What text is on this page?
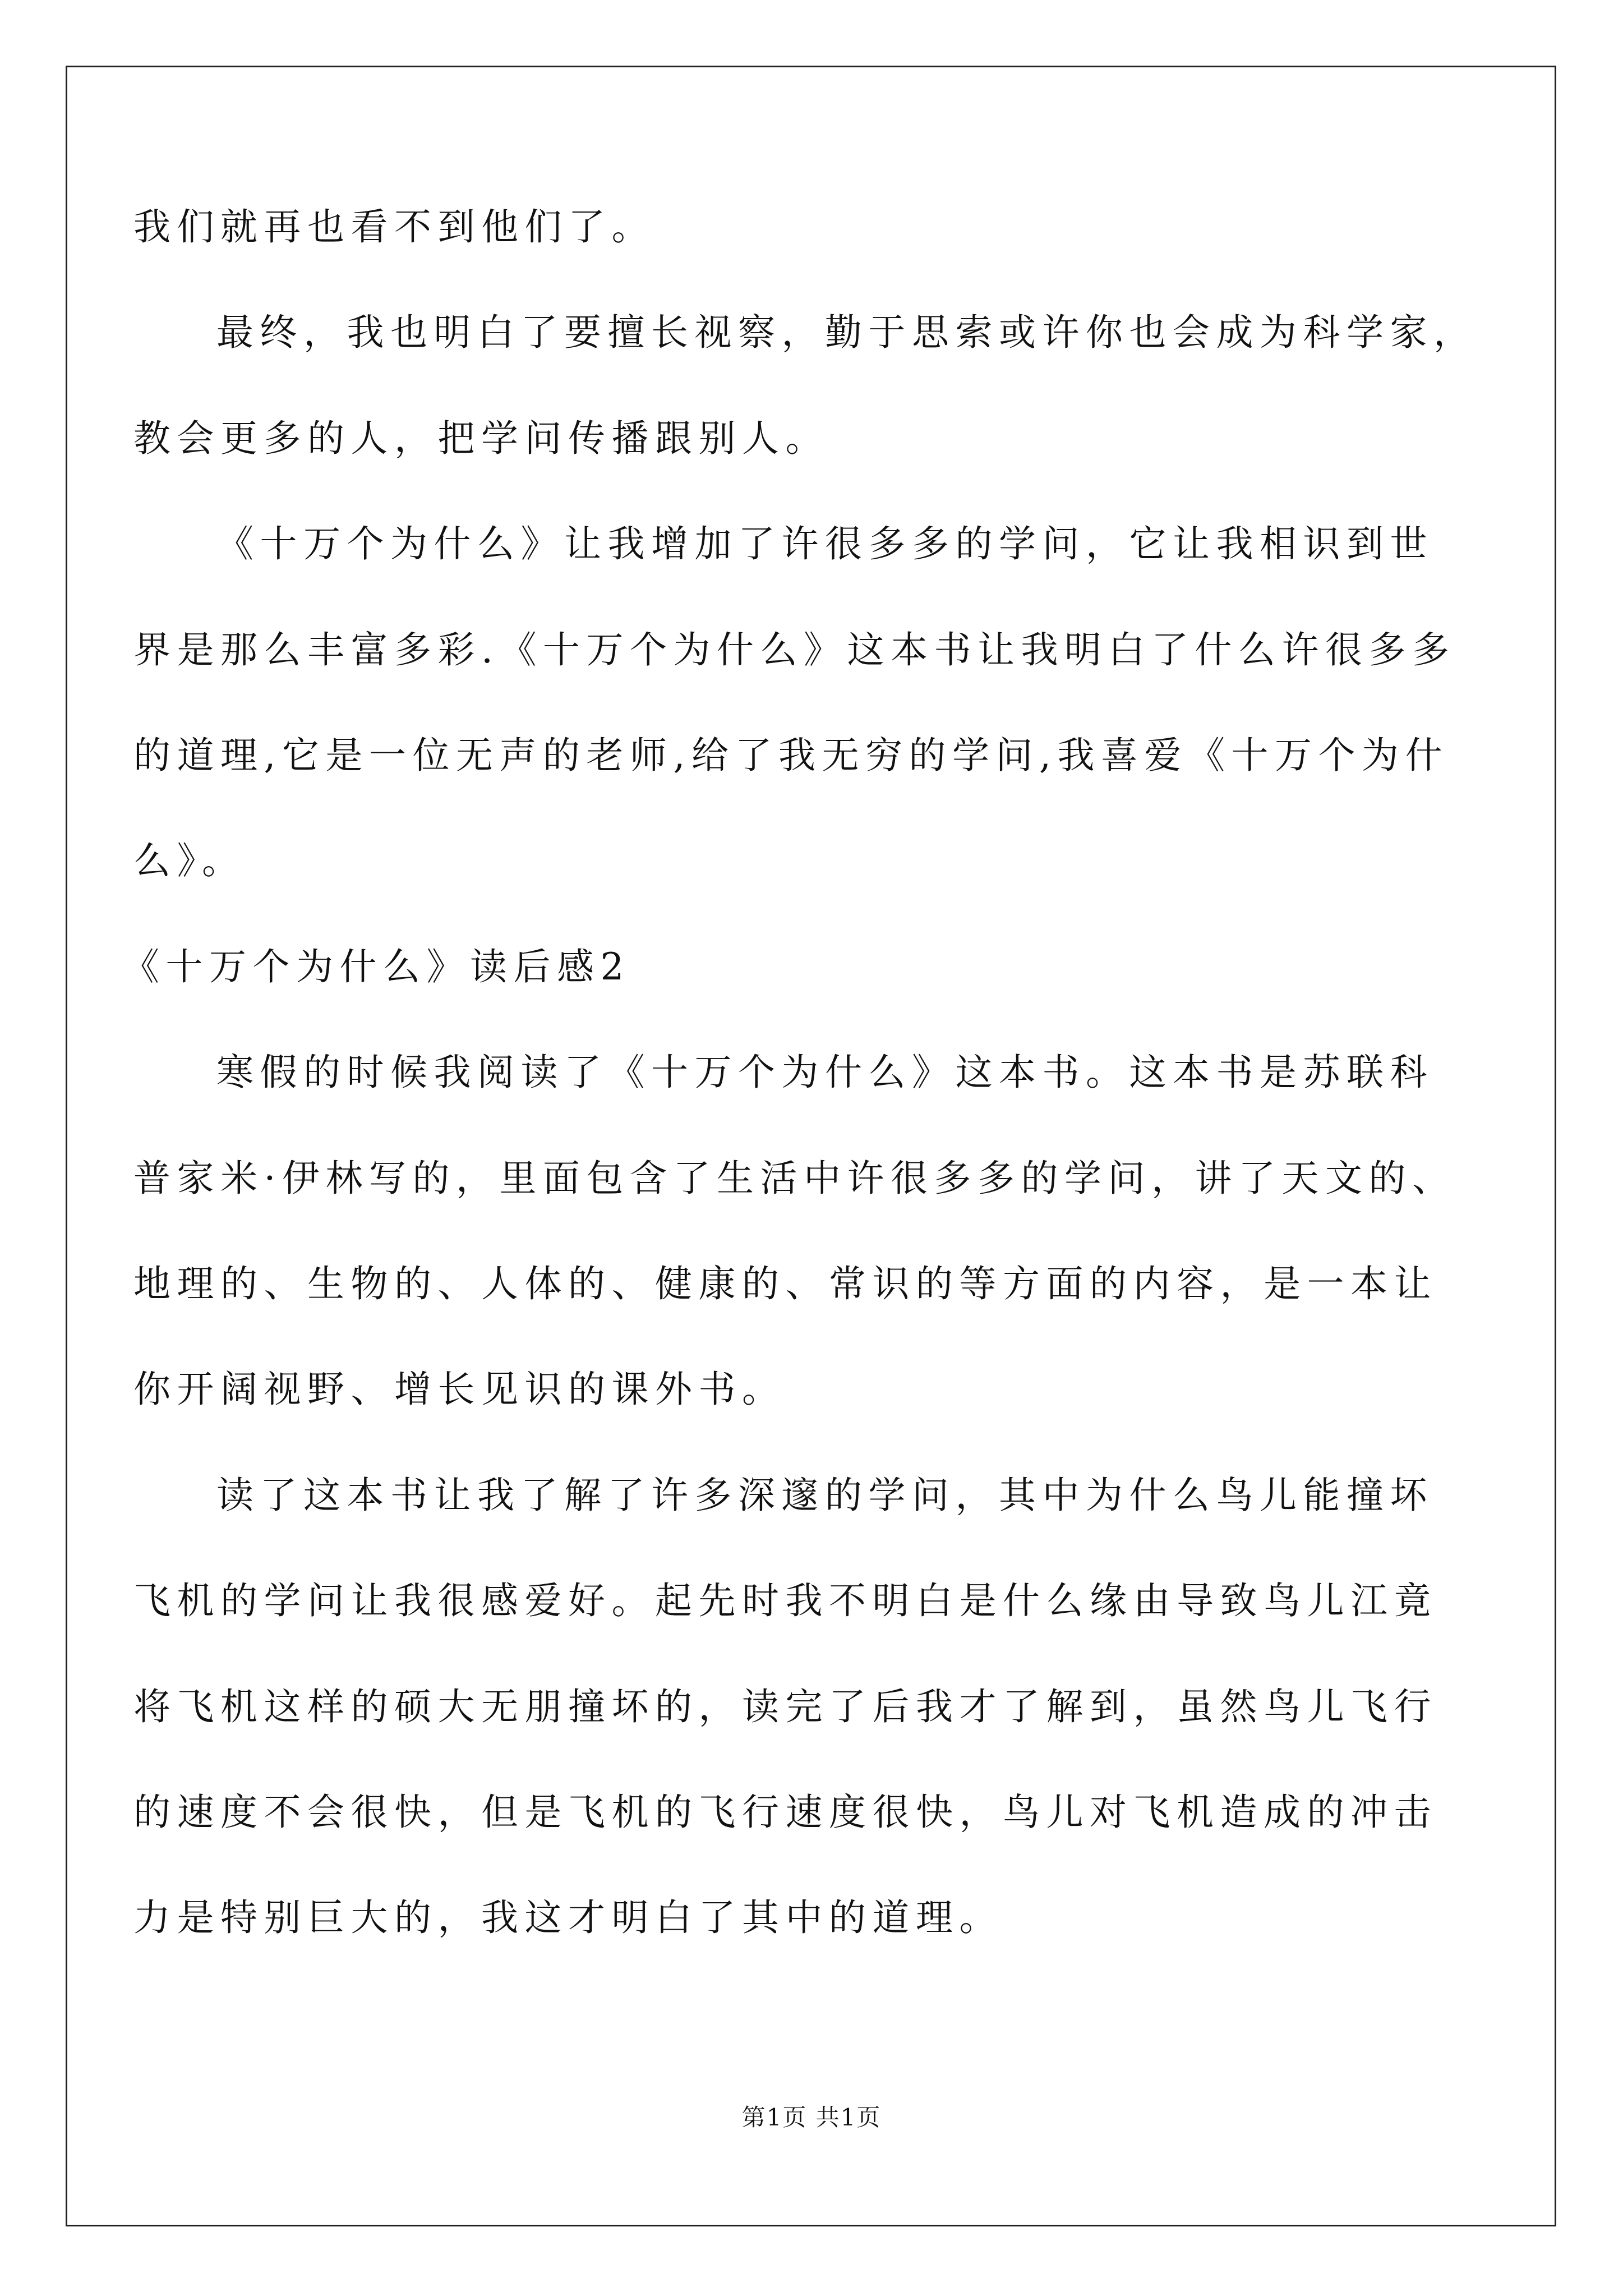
我们就再也看不到他们了。
最终，我也明白了要擅长视察，勤于思索或许你也会成为科学家，
教会更多的人，把学问传播跟别人。
《十万个为什么》让我增加了许很多多的学问，它让我相识到世
界是那么丰富多彩.《十万个为什么》这本书让我明白了什么许很多多
的道理,它是一位无声的老师,给了我无穷的学问,我喜爱《十万个为什
么》。
《十万个为什么》读后感2
寒假的时候我阅读了《十万个为什么》这本书。这本书是苏联科
普家米·伊林写的，里面包含了生活中许很多多的学问，讲了天文的、
地理的、生物的、人体的、健康的、常识的等方面的内容，是一本让
你开阔视野、增长见识的课外书。
读了这本书让我了解了许多深邃的学问，其中为什么鸟儿能撞坏
飞机的学问让我很感爱好。起先时我不明白是什么缘由导致鸟儿江竟
将飞机这样的硕大无朋撞坏的，读完了后我才了解到，虽然鸟儿飞行
的速度不会很快，但是飞机的飞行速度很快，鸟儿对飞机造成的冲击
力是特别巨大的，我这才明白了其中的道理。
第1页 共1页
